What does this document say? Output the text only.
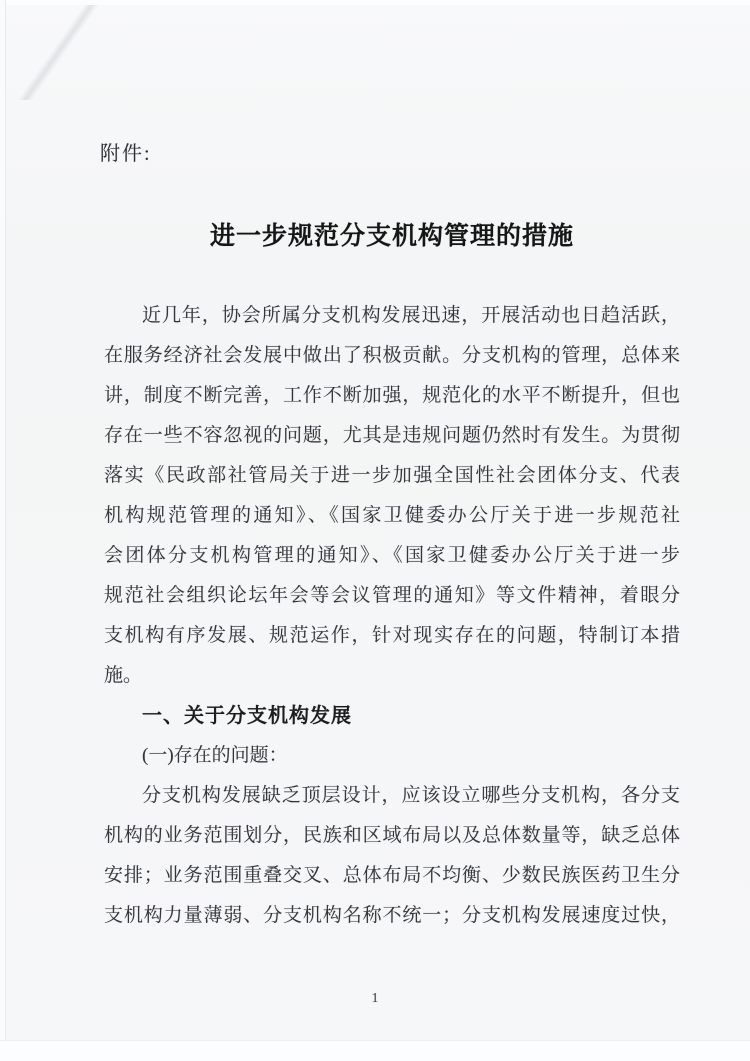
附件:
进一步规范分支机构管理的措施
近几年，协会所属分支机构发展迅速，开展活动也日趋活跃，
在服务经济社会发展中做出了积极贡献。分支机构的管理，总体来
讲，制度不断完善，工作不断加强，规范化的水平不断提升，但也
存在一些不容忽视的问题，尤其是违规问题仍然时有发生。为贯彻
落实《民政部社管局关于进一步加强全国性社会团体分支、代表
机构规范管理的通知》、《国家卫健委办公厅关于进一步规范社
会团体分支机构管理的通知》、《国家卫健委办公厅关于进一步
规范社会组织论坛年会等会议管理的通知》等文件精神，着眼分
支机构有序发展、规范运作，针对现实存在的问题，特制订本措
施。
一、关于分支机构发展
(一)存在的问题：
分支机构发展缺乏顶层设计，应该设立哪些分支机构，各分支
机构的业务范围划分，民族和区域布局以及总体数量等，缺乏总体
安排；业务范围重叠交叉、总体布局不均衡、少数民族医药卫生分
支机构力量薄弱、分支机构名称不统一；分支机构发展速度过快，
1
